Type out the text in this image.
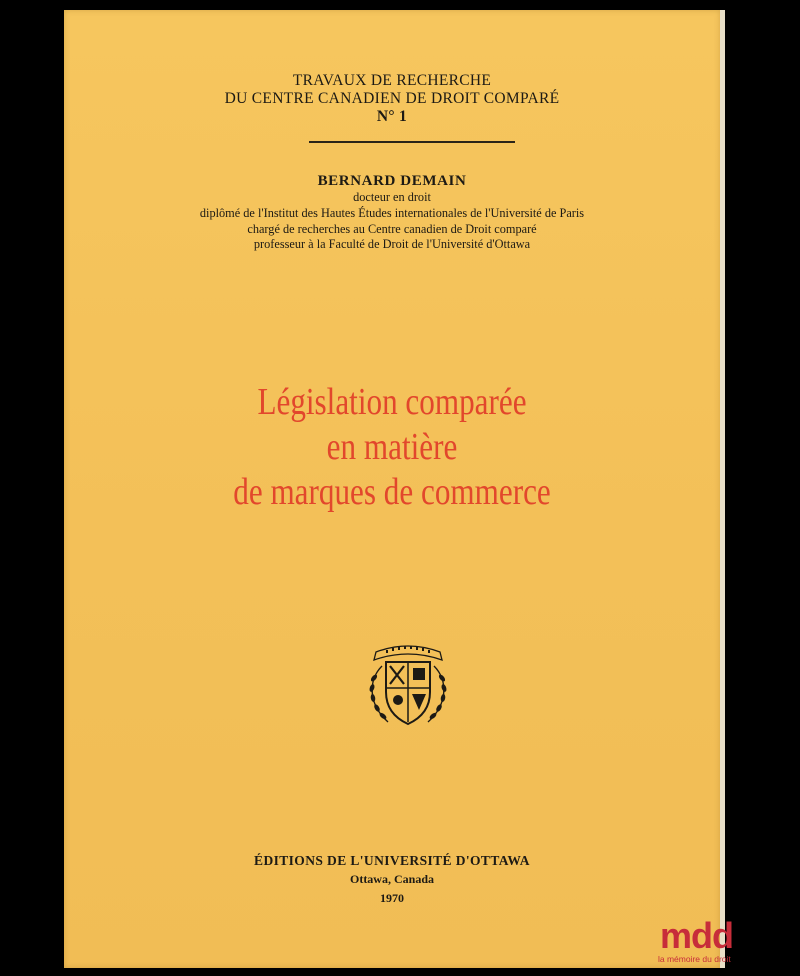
TRAVAUX DE RECHERCHE
DU CENTRE CANADIEN DE DROIT COMPARÉ
N° 1
BERNARD DEMAIN
docteur en droit
diplômé de l'Institut des Hautes Études internationales de l'Université de Paris
chargé de recherches au Centre canadien de Droit comparé
professeur à la Faculté de Droit de l'Université d'Ottawa
Législation comparée
en matière
de marques de commerce
ÉDITIONS DE L'UNIVERSITÉ D'OTTAWA
Ottawa, Canada
1970
mdd
la mémoire du droit
